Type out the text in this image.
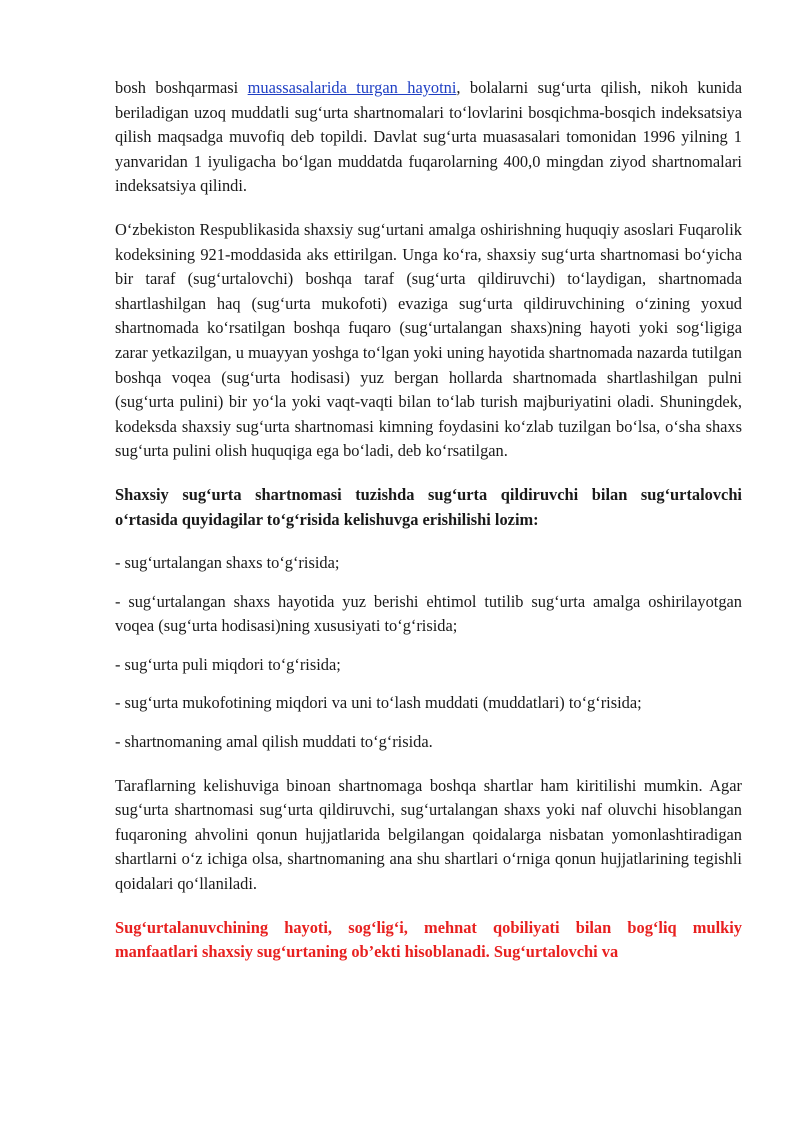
bosh boshqarmasi muassasalarida turgan hayotni, bolalarni sug‘urta qilish, nikoh kunida beriladigan uzoq muddatli sug‘urta shartnomalari to‘lovlarini bosqichma-bosqich indeksatsiya qilish maqsadga muvofiq deb topildi. Davlat sug‘urta muasasalari tomonidan 1996 yilning 1 yanvaridan 1 iyuligacha bo‘lgan muddatda fuqarolarning 400,0 mingdan ziyod shartnomalari indeksatsiya qilindi.

O‘zbekiston Respublikasida shaxsiy sug‘urtani amalga oshirishning huquqiy asoslari Fuqarolik kodeksining 921-moddasida aks ettirilgan. Unga ko‘ra, shaxsiy sug‘urta shartnomasi bo‘yicha bir taraf (sug‘urtalovchi) boshqa taraf (sug‘urta qildiruvchi) to‘laydigan, shartnomada shartlashilgan haq (sug‘urta mukofoti) evaziga sug‘urta qildiruvchining o‘zining yoxud shartnomada ko‘rsatilgan boshqa fuqaro (sug‘urtalangan shaxs)ning hayoti yoki sog‘ligiga zarar yetkazilgan, u muayyan yoshga to‘lgan yoki uning hayotida shartnomada nazarda tutilgan boshqa voqea (sug‘urta hodisasi) yuz bergan hollarda shartnomada shartlashilgan pulni (sug‘urta pulini) bir yo‘la yoki vaqt-vaqti bilan to‘lab turish majburiyatini oladi. Shuningdek, kodeksda shaxsiy sug‘urta shartnomasi kimning foydasini ko‘zlab tuzilgan bo‘lsa, o‘sha shaxs sug‘urta pulini olish huquqiga ega bo‘ladi, deb ko‘rsatilgan.

Shaxsiy sug‘urta shartnomasi tuzishda sug‘urta qildiruvchi bilan sug‘urtalovchi o‘rtasida quyidagilar to‘g‘risida kelishuvga erishilishi lozim:

- sug‘urtalangan shaxs to‘g‘risida;

- sug‘urtalangan shaxs hayotida yuz berishi ehtimol tutilib sug‘urta amalga oshirilayotgan voqea (sug‘urta hodisasi)ning xususiyati to‘g‘risida;

- sug‘urta puli miqdori to‘g‘risida;

- sug‘urta mukofotining miqdori va uni to‘lash muddati (muddatlari) to‘g‘risida;

- shartnomaning amal qilish muddati to‘g‘risida.

Taraflarning kelishuviga binoan shartnomaga boshqa shartlar ham kiritilishi mumkin. Agar sug‘urta shartnomasi sug‘urta qildiruvchi, sug‘urtalangan shaxs yoki naf oluvchi hisoblangan fuqaroning ahvolini qonun hujjatlarida belgilangan qoidalarga nisbatan yomonlashtiradigan shartlarni o‘z ichiga olsa, shartnomaning ana shu shartlari o‘rniga qonun hujjatlarining tegishli qoidalari qo‘llaniladi.

Sug‘urtalanuvchining hayoti, sog‘lig‘i, mehnat qobiliyati bilan bog‘liq mulkiy manfaatlari shaxsiy sug‘urtaning ob’ekti hisoblanadi. Sug‘urtalovchi va
